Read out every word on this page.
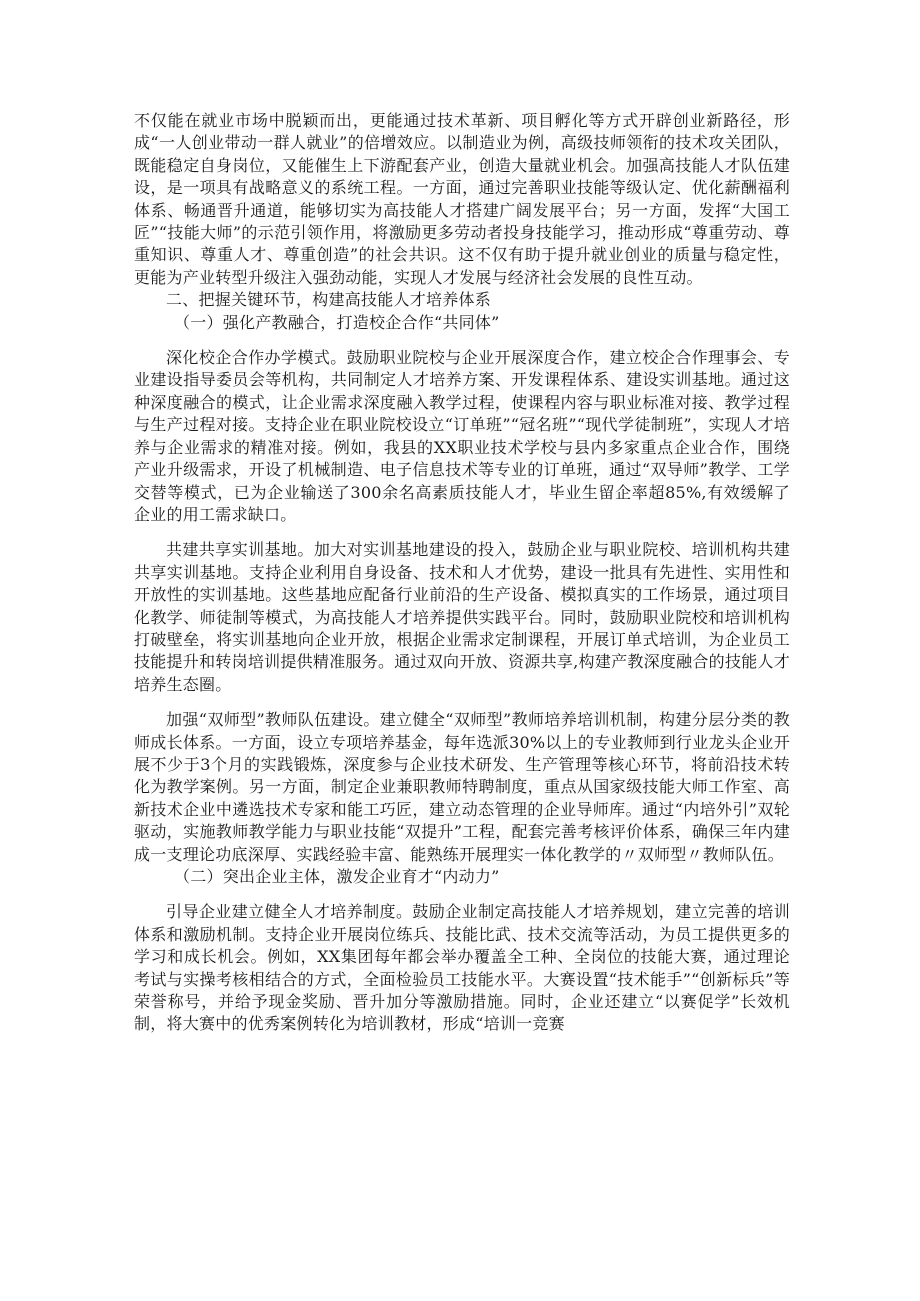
不仅能在就业市场中脱颖而出，更能通过技术革新、项目孵化等方式开辟创业新路径，形成“一人创业带动一群人就业”的倍增效应。以制造业为例，高级技师领衔的技术攻关团队，既能稳定自身岗位，又能催生上下游配套产业，创造大量就业机会。加强高技能人才队伍建设，是一项具有战略意义的系统工程。一方面，通过完善职业技能等级认定、优化薪酬福利体系、畅通晋升通道，能够切实为高技能人才搭建广阔发展平台；另一方面，发挥“大国工匠”“技能大师”的示范引领作用，将激励更多劳动者投身技能学习，推动形成“尊重劳动、尊重知识、尊重人才、尊重创造”的社会共识。这不仅有助于提升就业创业的质量与稳定性，更能为产业转型升级注入强劲动能，实现人才发展与经济社会发展的良性互动。

二、把握关键环节，构建高技能人才培养体系

（一）强化产教融合，打造校企合作“共同体”

深化校企合作办学模式。鼓励职业院校与企业开展深度合作，建立校企合作理事会、专业建设指导委员会等机构，共同制定人才培养方案、开发课程体系、建设实训基地。通过这种深度融合的模式，让企业需求深度融入教学过程，使课程内容与职业标准对接、教学过程与生产过程对接。支持企业在职业院校设立“订单班”“冠名班”“现代学徒制班”，实现人才培养与企业需求的精准对接。例如，我县的XX职业技术学校与县内多家重点企业合作，围绕产业升级需求，开设了机械制造、电子信息技术等专业的订单班，通过“双导师”教学、工学交替等模式，已为企业输送了300余名高素质技能人才，毕业生留企率超85%,有效缓解了企业的用工需求缺口。

共建共享实训基地。加大对实训基地建设的投入，鼓励企业与职业院校、培训机构共建共享实训基地。支持企业利用自身设备、技术和人才优势，建设一批具有先进性、实用性和开放性的实训基地。这些基地应配备行业前沿的生产设备、模拟真实的工作场景，通过项目化教学、师徒制等模式，为高技能人才培养提供实践平台。同时，鼓励职业院校和培训机构打破壁垒，将实训基地向企业开放，根据企业需求定制课程，开展订单式培训，为企业员工技能提升和转岗培训提供精准服务。通过双向开放、资源共享,构建产教深度融合的技能人才培养生态圈。

加强“双师型”教师队伍建设。建立健全“双师型”教师培养培训机制，构建分层分类的教师成长体系。一方面，设立专项培养基金，每年选派30%以上的专业教师到行业龙头企业开展不少于3个月的实践锻炼，深度参与企业技术研发、生产管理等核心环节，将前沿技术转化为教学案例。另一方面，制定企业兼职教师特聘制度，重点从国家级技能大师工作室、高新技术企业中遴选技术专家和能工巧匠，建立动态管理的企业导师库。通过“内培外引”双轮驱动，实施教师教学能力与职业技能“双提升”工程，配套完善考核评价体系，确保三年内建成一支理论功底深厚、实践经验丰富、能熟练开展理实一体化教学的〃双师型〃教师队伍。

（二）突出企业主体，激发企业育才“内动力”

引导企业建立健全人才培养制度。鼓励企业制定高技能人才培养规划，建立完善的培训体系和激励机制。支持企业开展岗位练兵、技能比武、技术交流等活动，为员工提供更多的学习和成长机会。例如，XX集团每年都会举办覆盖全工种、全岗位的技能大赛，通过理论考试与实操考核相结合的方式，全面检验员工技能水平。大赛设置“技术能手”“创新标兵”等荣誉称号，并给予现金奖励、晋升加分等激励措施。同时，企业还建立“以赛促学”长效机制，将大赛中的优秀案例转化为培训教材，形成“培训一竞赛
